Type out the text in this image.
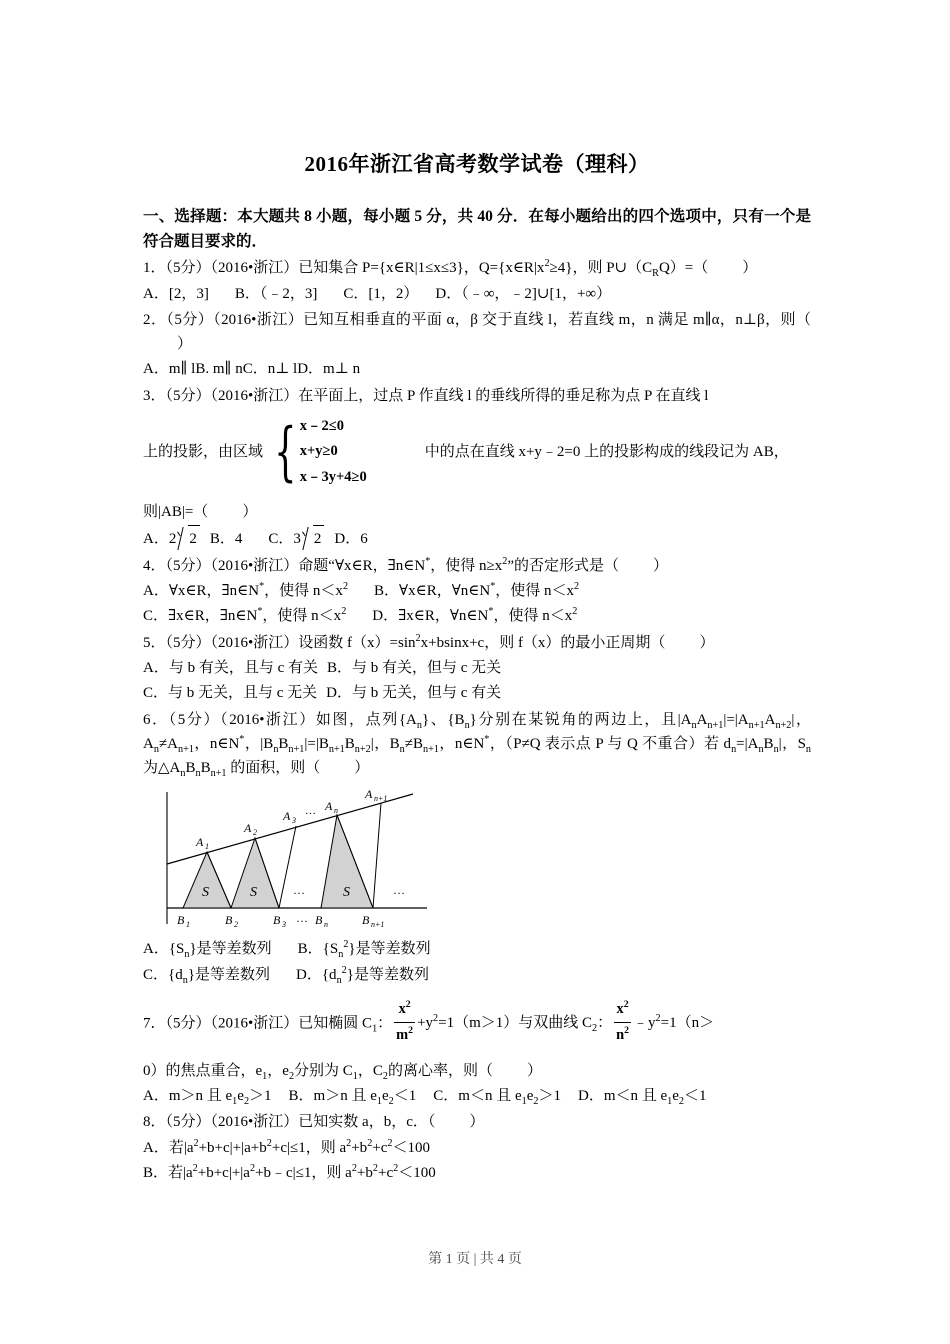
2016年浙江省高考数学试卷（理科）
一、选择题：本大题共 8 小题，每小题 5 分，共 40 分．在每小题给出的四个选项中，只有一个是符合题目要求的．
1．（5分）（2016•浙江）已知集合 P={x∈R|1≤x≤3}，$Q=\{x\in R|x^2\ge 4\}$，则 $P\cup(C_RQ)=$（ ）
A．[2，3] B．（﹣2，3] C．[1，2） D．（﹣∞，﹣2]∪[1，+∞）
2．（5分）（2016•浙江）已知互相垂直的平面 α，β 交于直线 l，若直线 m，n 满足 m∥α，n⊥β，则（）
A．m∥ lB. m∥ nC．n⊥ lD．m⊥ n
3．（5分）（2016•浙江）在平面上，过点 P 作直线 l 的垂线所得的垂足称为点 P 在直线 l
上的投影，由区域 { x﹣2≤0
x+y≥0
x﹣3y+4≥0
中的点在直线 x+y﹣2=0 上的投影构成的线段记为 AB，
则|AB|=（ ）
A．2 2 B．4 C．3 2 D．6
4．（5分）（2016•浙江）命题“∀x∈R，∃n∈N*，使得 $n\ge x^2$”的否定形式是（ ）
A．∀x∈R，∃n∈N*，使得 $n<x^2$ B．∀x∈R，∀n∈N*，使得 $n<x^2$
C．∃x∈R，∃n∈N*，使得 $n<x^2$ D．∃x∈R，∀n∈N*，使得 $n<x^2$
5．（5分）（2016•浙江）设函数 $f(x)=\sin^2x+bsinx+c$，则 f（x）的最小正周期（ ）
A．与 b 有关，且与 c 有关 B．与 b 有关，但与 c 无关
C．与 b 无关，且与 c 无关 D．与 b 无关，但与 c 有关
6．（5分）（2016•浙江）如图，点列$\{A_n\}$、$\{B_n\}$分别在某锐角的两边上，且$|A_nA_{n+1}|=|A_{n+1}A_{n+2}|$，$A_n\ne A_{n+1}$，n∈N*，$|B_nB_{n+1}|=|B_{n+1}B_{n+2}|$，$B_n\ne B_{n+1}$，n∈N*，（P≠Q 表示点 P 与 Q 不重合）若 $d_n=|A_nB_n|$，$S_n$ 为$\triangle A_nB_nB_{n+1}$ 的面积，则（ ）
A 1
A 2
A 3
… A n
A n+1
S	S	S
…	…
B 1	B 2	B 3 … B n	B n+1
A．$\{S_n\}$是等差数列 B．$\{S_n^2\}$是等差数列
C．$\{d_n\}$是等差数列 D．$\{d_n^2\}$是等差数列
7．（5分）（2016•浙江）已知椭圆 $C_1$： $\frac{x^2}{m^2} +y^2=1(m>1)$与双曲线 $C_2$： $\frac{x^2}{n^2}$ $﹣y^2=1(n>$
0）的焦点重合，$e_1$，$e_2$分别为 $C_1$，$C_2$的离心率，则（ ）
A．m＞n 且 $e_1e_2>1$ B．m＞n 且 $e_1e_2<1$ C．m＜n 且 $e_1e_2>1$ D．m＜n 且 $e_1e_2<1$
8．（5分）（2016•浙江）已知实数 a，b，c．（ ）
A．若$|a^2+b+c|+|a+b^2+c|\le 1$，则 $a^2+b^2+c^2<100$
B．若$|a^2+b+c|+|a^2+b﹣c|\le 1$，则 $a^2+b^2+c^2<100$
第 1 页 | 共 4 页
